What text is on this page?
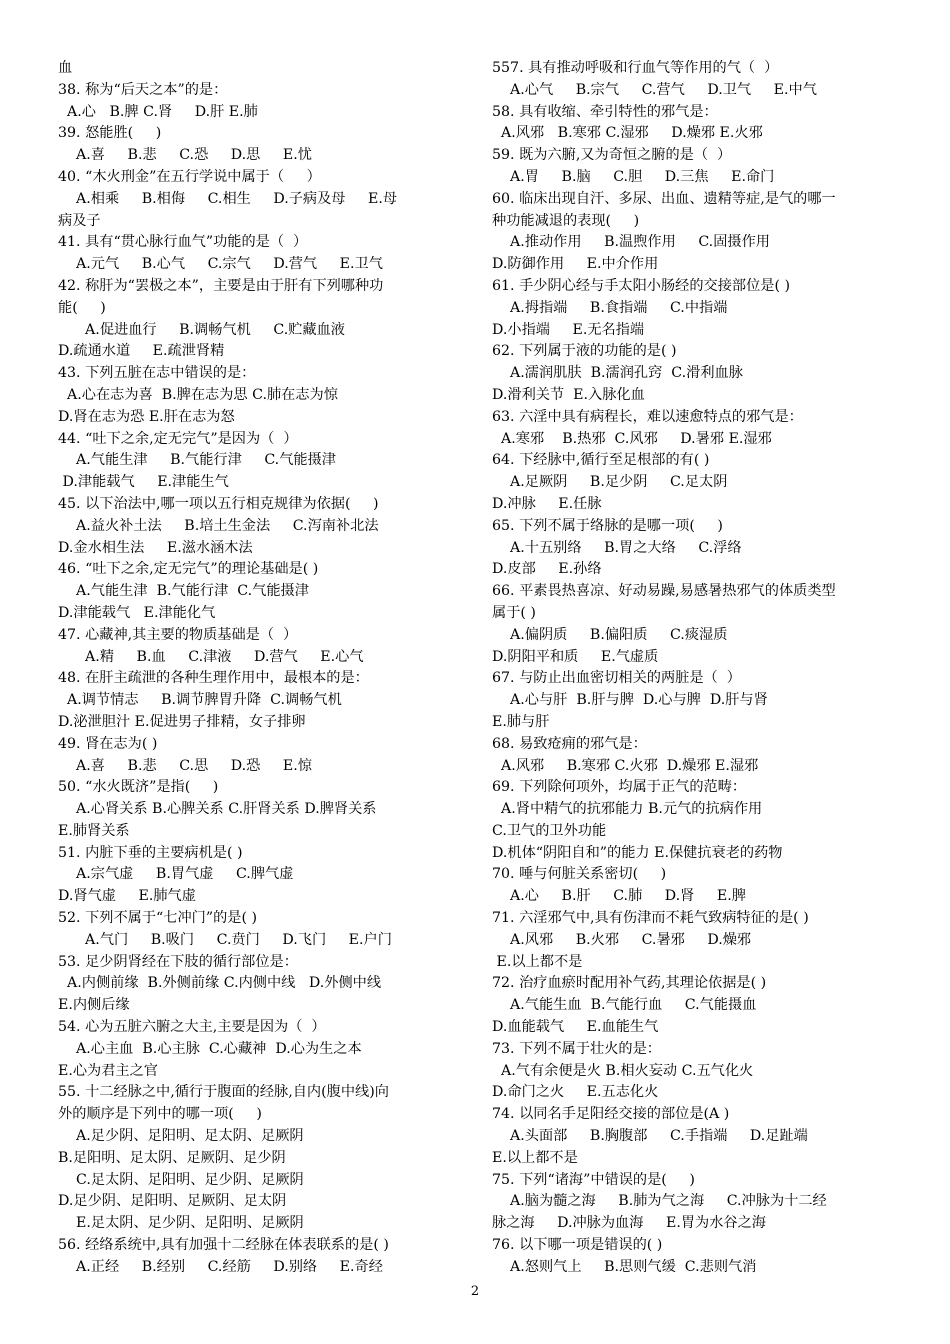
血
38. 称为“后天之本”的是：
A.心   B.脾 C.肾     D.肝 E.肺
39. 怒能胜(     )
A.喜     B.悲     C.恐     D.思     E.忧
40. “木火刑金”在五行学说中属于（     ）
A.相乘     B.相侮     C.相生     D.子病及母     E.母
病及子
41. 具有“贯心脉行血气”功能的是（  ）
A.元气     B.心气     C.宗气     D.营气     E.卫气
42. 称肝为“罢极之本”，主要是由于肝有下列哪种功
能(     )
A.促进血行     B.调畅气机     C.贮藏血液
D.疏通水道     E.疏泄肾精
43. 下列五脏在志中错误的是：
A.心在志为喜  B.脾在志为思 C.肺在志为惊
D.肾在志为恐 E.肝在志为怒
44. “吐下之余,定无完气”是因为（  ）
A.气能生津     B.气能行津     C.气能摄津
D.津能载气     E.津能生气
45. 以下治法中,哪一项以五行相克规律为依据(     )
A.益火补土法     B.培土生金法     C.泻南补北法
D.金水相生法     E.滋水涵木法
46. “吐下之余,定无完气”的理论基础是( )
A.气能生津  B.气能行津  C.气能摄津
D.津能载气   E.津能化气
47. 心藏神,其主要的物质基础是（  ）
A.精     B.血     C.津液     D.营气     E.心气
48. 在肝主疏泄的各种生理作用中，最根本的是：
A.调节情志     B.调节脾胃升降  C.调畅气机
D.泌泄胆汁 E.促进男子排精，女子排卵
49. 肾在志为( )
A.喜     B.悲     C.思     D.恐     E.惊
50. “水火既济”是指(     )
A.心肾关系 B.心脾关系 C.肝肾关系 D.脾肾关系
E.肺肾关系
51. 内脏下垂的主要病机是( )
A.宗气虚     B.胃气虚     C.脾气虚
D.肾气虚     E.肺气虚
52. 下列不属于“七冲门”的是( )
A.气门     B.吸门     C.贲门     D.飞门     E.户门
53. 足少阴肾经在下肢的循行部位是：
A.内侧前缘  B.外侧前缘 C.内侧中线   D.外侧中线
E.内侧后缘
54. 心为五脏六腑之大主,主要是因为（  ）
A.心主血  B.心主脉  C.心藏神  D.心为生之本
E.心为君主之官
55. 十二经脉之中,循行于腹面的经脉,自内(腹中线)向
外的顺序是下列中的哪一项(     )
A.足少阴、足阳明、足太阴、足厥阴
B.足阳明、足太阴、足厥阴、足少阴
C.足太阴、足阳明、足少阴、足厥阴
D.足少阴、足阳明、足厥阴、足太阴
E.足太阴、足少阴、足阳明、足厥阴
56. 经络系统中,具有加强十二经脉在体表联系的是( )
A.正经     B.经别     C.经筋     D.别络     E.奇经
557. 具有推动呼吸和行血气等作用的气（  ）
A.心气     B.宗气     C.营气     D.卫气     E.中气
58. 具有收缩、牵引特性的邪气是：
A.风邪   B.寒邪 C.湿邪     D.燥邪 E.火邪
59. 既为六腑,又为奇恒之腑的是（  ）
A.胃     B.脑     C.胆     D.三焦     E.命门
60. 临床出现自汗、多尿、出血、遗精等症,是气的哪一
种功能减退的表现(     )
A.推动作用     B.温煦作用     C.固摄作用
D.防御作用     E.中介作用
61. 手少阴心经与手太阳小肠经的交接部位是( )
A.拇指端     B.食指端     C.中指端
D.小指端     E.无名指端
62. 下列属于液的功能的是( )
A.濡润肌肤  B.濡润孔窍  C.滑利血脉
D.滑利关节  E.入脉化血
63. 六淫中具有病程长，难以速愈特点的邪气是：
A.寒邪    B.热邪  C.风邪     D.暑邪 E.湿邪
64. 下经脉中,循行至足根部的有( )
A.足厥阴     B.足少阴     C.足太阴
D.冲脉     E.任脉
65. 下列不属于络脉的是哪一项(     )
A.十五别络     B.胃之大络     C.浮络
D.皮部     E.孙络
66. 平素畏热喜凉、好动易躁,易感暑热邪气的体质类型
属于( )
A.偏阴质     B.偏阳质     C.痰湿质
D.阴阳平和质     E.气虚质
67. 与防止出血密切相关的两脏是（  ）
A.心与肝  B.肝与脾  D.心与脾  D.肝与肾
E.肺与肝
68. 易致疮痈的邪气是：
A.风邪     B.寒邪 C.火邪  D.燥邪 E.湿邪
69. 下列除何项外，均属于正气的范畴：
A.肾中精气的抗邪能力 B.元气的抗病作用
C.卫气的卫外功能
D.机体“阴阳自和”的能力 E.保健抗衰老的药物
70. 唾与何脏关系密切(     )
A.心     B.肝     C.肺     D.肾     E.脾
71. 六淫邪气中,具有伤津而不耗气致病特征的是( )
A.风邪     B.火邪     C.暑邪     D.燥邪
E.以上都不是
72. 治疗血瘀时配用补气药,其理论依据是( )
A.气能生血  B.气能行血     C.气能摄血
D.血能载气     E.血能生气
73. 下列不属于壮火的是：
A.气有余便是火 B.相火妄动 C.五气化火
D.命门之火     E.五志化火
74. 以同名手足阳经交接的部位是(A )
A.头面部     B.胸腹部     C.手指端     D.足趾端
E.以上都不是
75. 下列“诸海”中错误的是(     )
A.脑为髓之海     B.肺为气之海     C.冲脉为十二经
脉之海     D.冲脉为血海     E.胃为水谷之海
76. 以下哪一项是错误的( )
A.怒则气上     B.思则气缓  C.悲则气消
2
